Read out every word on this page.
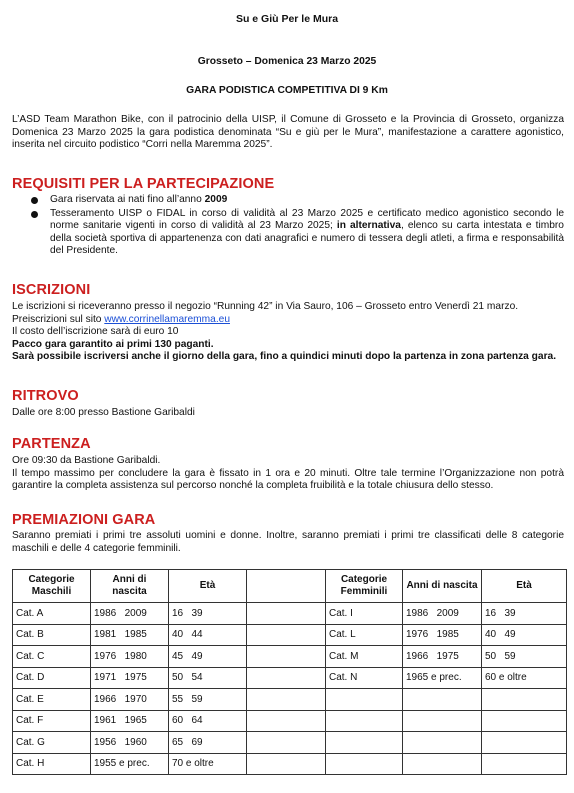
Su e Giù Per le Mura
Grosseto – Domenica 23 Marzo 2025
GARA PODISTICA COMPETITIVA DI 9 Km
L’ASD Team Marathon Bike, con il patrocinio della UISP, il Comune di Grosseto e la Provincia di Grosseto, organizza Domenica 23 Marzo 2025 la gara podistica denominata “Su e giù per le Mura”, manifestazione a carattere agonistico, inserita nel circuito podistico “Corri nella Maremma 2025”.
REQUISITI PER LA PARTECIPAZIONE
Gara riservata ai nati fino all’anno 2009
Tesseramento UISP o FIDAL in corso di validità al 23 Marzo 2025 e certificato medico agonistico secondo le norme sanitarie vigenti in corso di validità al 23 Marzo 2025; in alternativa, elenco su carta intestata e timbro della società sportiva di appartenenza con dati anagrafici e numero di tessera degli atleti, a firma e responsabilità del Presidente.
ISCRIZIONI
Le iscrizioni si riceveranno presso il negozio “Running 42” in Via Sauro, 106 – Grosseto entro Venerdì 21 marzo.
Preiscrizioni sul sito www.corrinellamaremma.eu
Il costo dell’iscrizione sarà di euro 10
Pacco gara garantito ai primi 130 paganti.
Sarà possibile iscriversi anche il giorno della gara, fino a quindici minuti dopo la partenza in zona partenza gara.
RITROVO
Dalle ore 8:00 presso Bastione Garibaldi
PARTENZA
Ore 09:30 da Bastione Garibaldi.
Il tempo massimo per concludere la gara è fissato in 1 ora e 20 minuti. Oltre tale termine l’Organizzazione non potrà garantire la completa assistenza sul percorso nonché la completa fruibilità e la totale chiusura dello stesso.
PREMIAZIONI GARA
Saranno premiati i primi tre assoluti uomini e donne. Inoltre, saranno premiati i primi tre classificati delle 8 categorie maschili e delle 4 categorie femminili.
Categorie Maschili	Anni di nascita	Età		Categorie Femminili	Anni di nascita	Età
Cat. A	1986   2009	16   39		Cat. I	1986   2009	16   39
Cat. B	1981   1985	40   44		Cat. L	1976   1985	40   49
Cat. C	1976   1980	45   49		Cat. M	1966   1975	50   59
Cat. D	1971   1975	50   54		Cat. N	1965 e prec.	60 e oltre
Cat. E	1966   1970	55   59				
Cat. F	1961   1965	60   64				
Cat. G	1956   1960	65   69				
Cat. H	1955 e prec.	70 e oltre				
